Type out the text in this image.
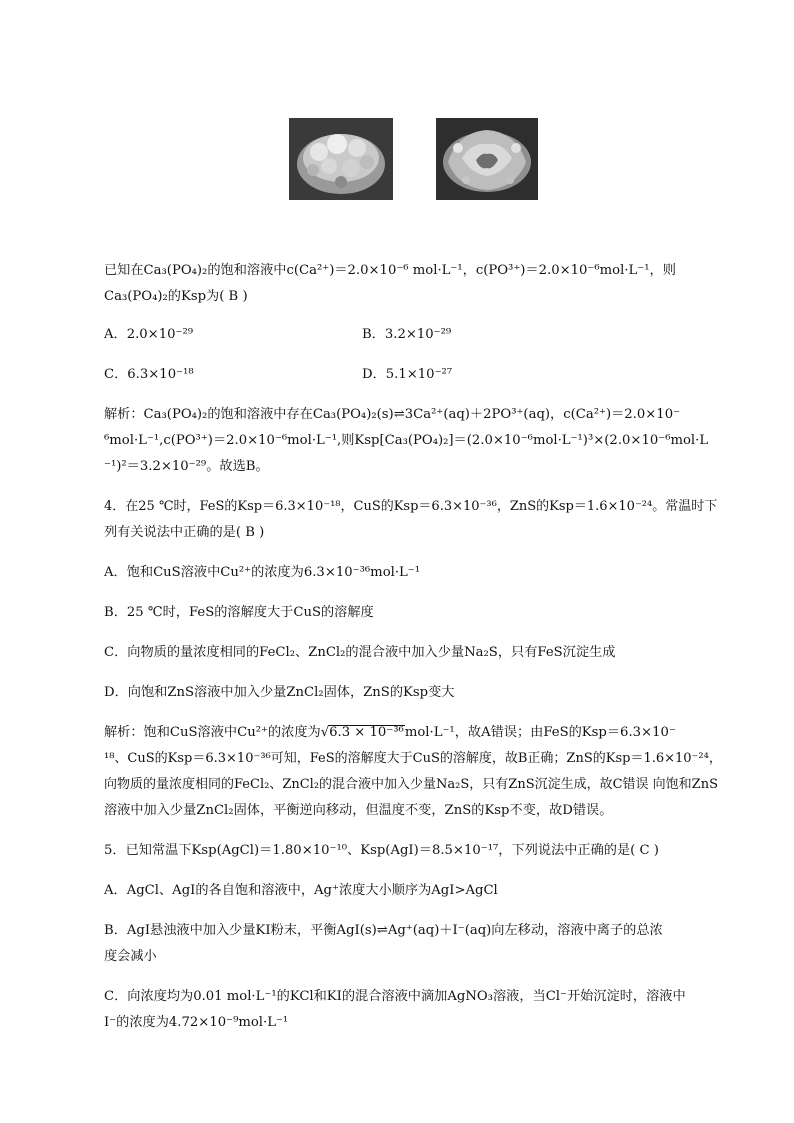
已知在Ca₃(PO₄)₂的饱和溶液中c(Ca²⁺)＝2.0×10⁻⁶ mol·L⁻¹，c(PO³⁺)＝2.0×10⁻⁶mol·L⁻¹，则
Ca₃(PO₄)₂的Ksp为( B )
A．2.0×10⁻²⁹	B．3.2×10⁻²⁹
C．6.3×10⁻¹⁸	D．5.1×10⁻²⁷
解析：Ca₃(PO₄)₂的饱和溶液中存在Ca₃(PO₄)₂(s)⇌3Ca²⁺(aq)＋2PO³⁺(aq)，c(Ca²⁺)＝2.0×10⁻
⁶mol·L⁻¹,c(PO³⁺)＝2.0×10⁻⁶mol·L⁻¹,则Ksp[Ca₃(PO₄)₂]＝(2.0×10⁻⁶mol·L⁻¹)³×(2.0×10⁻⁶mol·L
⁻¹)²＝3.2×10⁻²⁹。故选B。
4．在25 ℃时，FeS的Ksp＝6.3×10⁻¹⁸，CuS的Ksp＝6.3×10⁻³⁶，ZnS的Ksp＝1.6×10⁻²⁴。常温时下
列有关说法中正确的是( B )
A．饱和CuS溶液中Cu²⁺的浓度为6.3×10⁻³⁶mol·L⁻¹
B．25 ℃时，FeS的溶解度大于CuS的溶解度
C．向物质的量浓度相同的FeCl₂、ZnCl₂的混合液中加入少量Na₂S，只有FeS沉淀生成
D．向饱和ZnS溶液中加入少量ZnCl₂固体，ZnS的Ksp变大
解析：饱和CuS溶液中Cu²⁺的浓度为√6.3 × 10⁻³⁶mol·L⁻¹，故A错误；由FeS的Ksp＝6.3×10⁻
¹⁸、CuS的Ksp＝6.3×10⁻³⁶可知，FeS的溶解度大于CuS的溶解度，故B正确；ZnS的Ksp＝1.6×10⁻²⁴，
向物质的量浓度相同的FeCl₂、ZnCl₂的混合液中加入少量Na₂S，只有ZnS沉淀生成，故C错误 向饱和ZnS
溶液中加入少量ZnCl₂固体，平衡逆向移动，但温度不变，ZnS的Ksp不变，故D错误。
5．已知常温下Ksp(AgCl)＝1.80×10⁻¹⁰、Ksp(AgI)＝8.5×10⁻¹⁷，下列说法中正确的是( C )
A．AgCl、AgI的各自饱和溶液中，Ag⁺浓度大小顺序为AgI>AgCl
B．AgI悬浊液中加入少量KI粉末，平衡AgI(s)⇌Ag⁺(aq)＋I⁻(aq)向左移动，溶液中离子的总浓
度会减小
C．向浓度均为0.01 mol·L⁻¹的KCl和KI的混合溶液中滴加AgNO₃溶液，当Cl⁻开始沉淀时，溶液中
I⁻的浓度为4.72×10⁻⁹mol·L⁻¹
